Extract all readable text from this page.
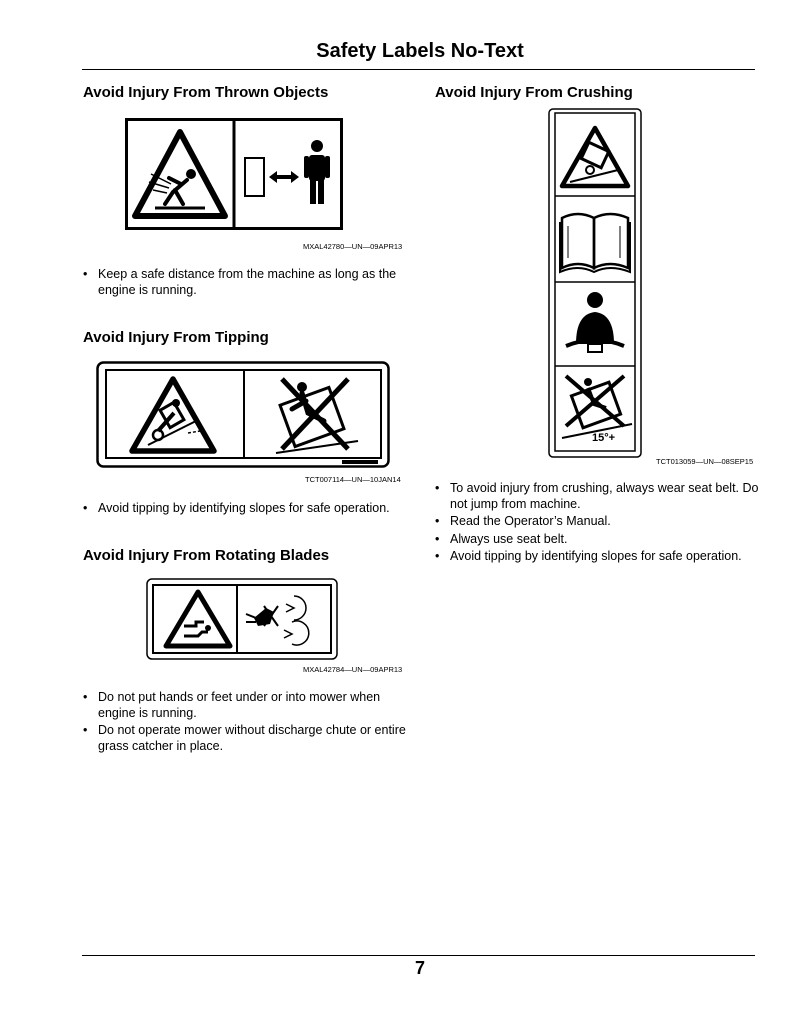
Safety Labels No-Text
Avoid Injury From Thrown Objects
MXAL42780—UN—09APR13
• Keep a safe distance from the machine as long as the engine is running.
Avoid Injury From Tipping
TCT007114—UN—10JAN14
• Avoid tipping by identifying slopes for safe operation.
Avoid Injury From Rotating Blades
MXAL42784—UN—09APR13
• Do not put hands or feet under or into mower when engine is running.
• Do not operate mower without discharge chute or entire grass catcher in place.
Avoid Injury From Crushing
15°+
TCT013059—UN—08SEP15
• To avoid injury from crushing, always wear seat belt. Do not jump from machine.
• Read the Operator’s Manual.
• Always use seat belt.
• Avoid tipping by identifying slopes for safe operation.
7
